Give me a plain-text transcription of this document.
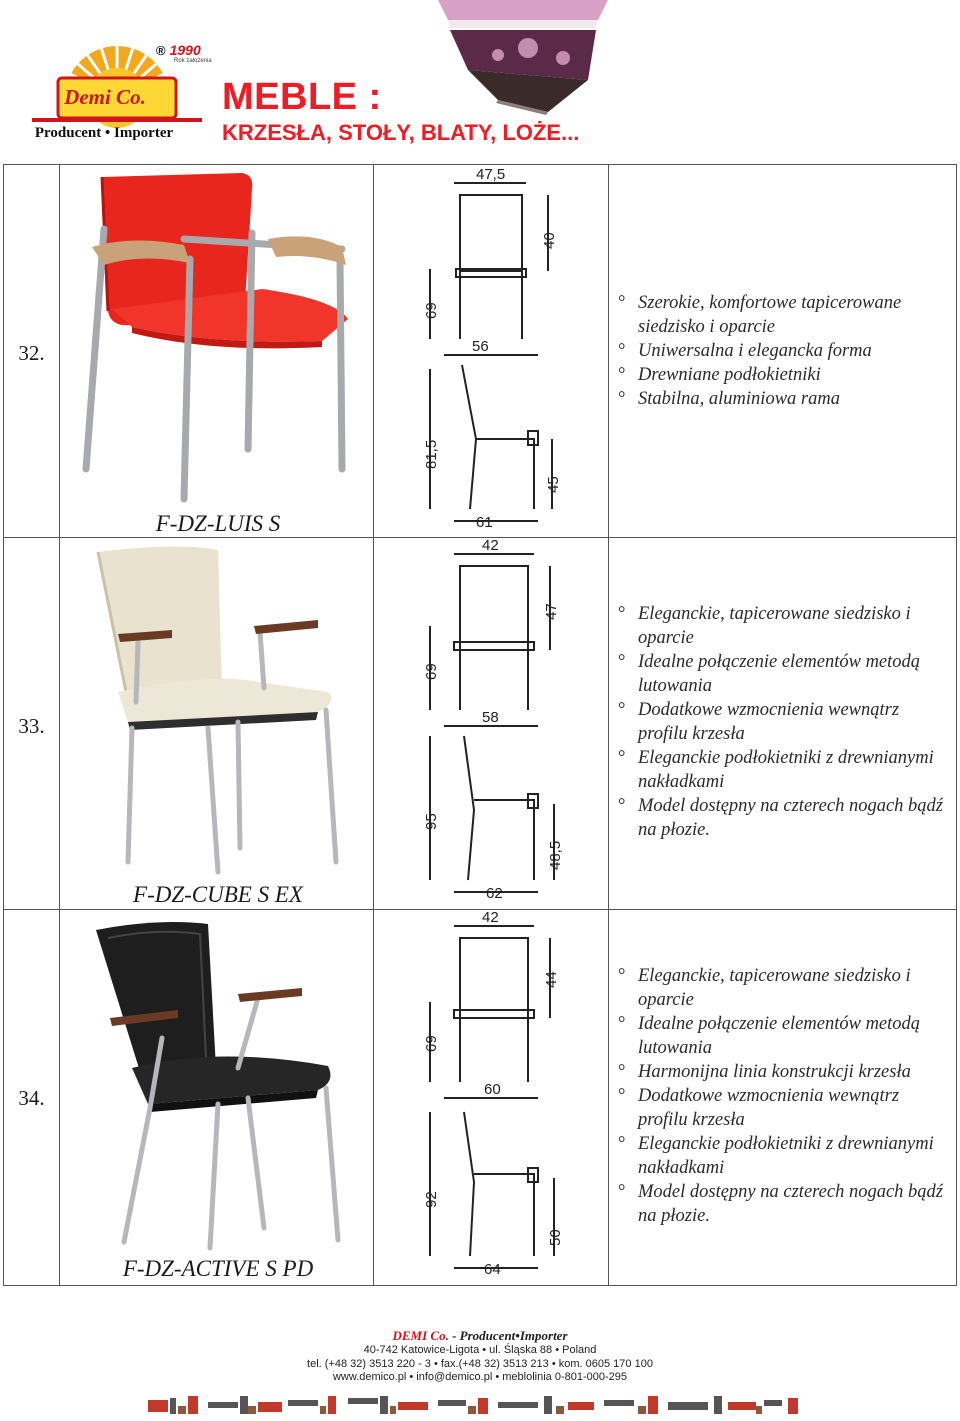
Demi Co.
Producent • Importer
® 1990
Rok założenia
MEBLE :
KRZESŁA, STOŁY, BLATY, LOŻE...
32.
47,5
56
61
40
69
81,5
45
F-DZ-LUIS S
° Szerokie, komfortowe tapicerowane siedzisko i oparcie
° Uniwersalna i elegancka forma
° Drewniane podłokietniki
° Stabilna, aluminiowa rama
33.
42
58
62
47
69
95
48,5
F-DZ-CUBE S EX
° Eleganckie, tapicerowane siedzisko i oparcie
° Idealne połączenie elementów metodą lutowania
° Dodatkowe wzmocnienia wewnątrz profilu krzesła
° Eleganckie podłokietniki z drewnianymi nakładkami
° Model dostępny na czterech nogach bądź na płozie.
34.
42
60
64
44
69
92
50
F-DZ-ACTIVE S PD
° Eleganckie, tapicerowane siedzisko i oparcie
° Idealne połączenie elementów metodą lutowania
° Harmonijna linia konstrukcji krzesła
° Dodatkowe wzmocnienia wewnątrz profilu krzesła
° Eleganckie podłokietniki z drewnianymi nakładkami
° Model dostępny na czterech nogach bądź na płozie.
DEMI Co. - Producent•Importer
40-742 Katowice-Ligota • ul. Śląska 88 • Poland
tel. (+48 32) 3513 220 - 3 • fax.(+48 32) 3513 213 • kom. 0605 170 100
www.demico.pl • info@demico.pl • meblolinia 0-801-000-295
